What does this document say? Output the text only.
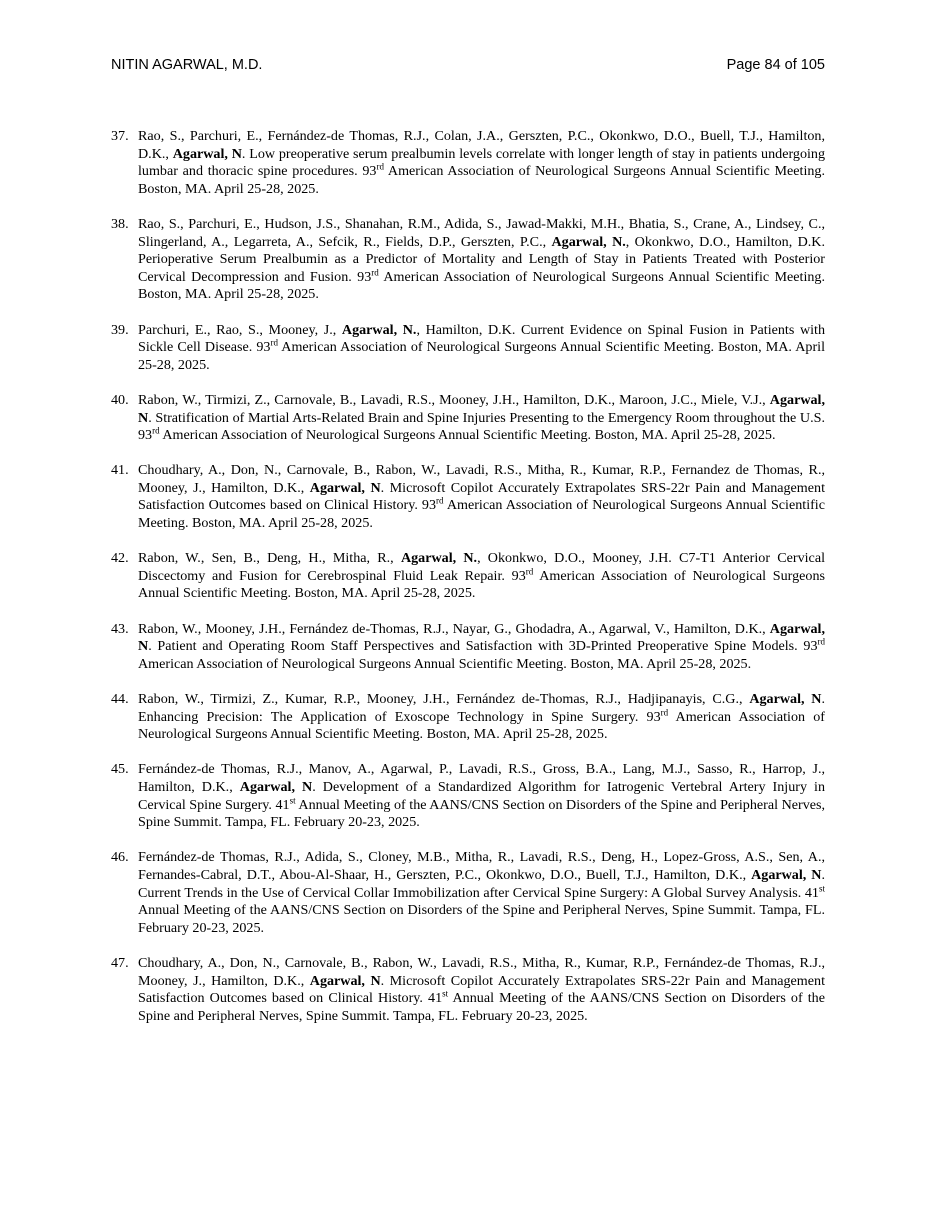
NITIN AGARWAL, M.D.	Page 84 of 105
37. Rao, S., Parchuri, E., Fernández-de Thomas, R.J., Colan, J.A., Gerszten, P.C., Okonkwo, D.O., Buell, T.J., Hamilton, D.K., Agarwal, N. Low preoperative serum prealbumin levels correlate with longer length of stay in patients undergoing lumbar and thoracic spine procedures. 93rd American Association of Neurological Surgeons Annual Scientific Meeting. Boston, MA. April 25-28, 2025.
38. Rao, S., Parchuri, E., Hudson, J.S., Shanahan, R.M., Adida, S., Jawad-Makki, M.H., Bhatia, S., Crane, A., Lindsey, C., Slingerland, A., Legarreta, A., Sefcik, R., Fields, D.P., Gerszten, P.C., Agarwal, N., Okonkwo, D.O., Hamilton, D.K. Perioperative Serum Prealbumin as a Predictor of Mortality and Length of Stay in Patients Treated with Posterior Cervical Decompression and Fusion. 93rd American Association of Neurological Surgeons Annual Scientific Meeting. Boston, MA. April 25-28, 2025.
39. Parchuri, E., Rao, S., Mooney, J., Agarwal, N., Hamilton, D.K. Current Evidence on Spinal Fusion in Patients with Sickle Cell Disease. 93rd American Association of Neurological Surgeons Annual Scientific Meeting. Boston, MA. April 25-28, 2025.
40. Rabon, W., Tirmizi, Z., Carnovale, B., Lavadi, R.S., Mooney, J.H., Hamilton, D.K., Maroon, J.C., Miele, V.J., Agarwal, N. Stratification of Martial Arts-Related Brain and Spine Injuries Presenting to the Emergency Room throughout the U.S. 93rd American Association of Neurological Surgeons Annual Scientific Meeting. Boston, MA. April 25-28, 2025.
41. Choudhary, A., Don, N., Carnovale, B., Rabon, W., Lavadi, R.S., Mitha, R., Kumar, R.P., Fernandez de Thomas, R., Mooney, J., Hamilton, D.K., Agarwal, N. Microsoft Copilot Accurately Extrapolates SRS-22r Pain and Management Satisfaction Outcomes based on Clinical History. 93rd American Association of Neurological Surgeons Annual Scientific Meeting. Boston, MA. April 25-28, 2025.
42. Rabon, W., Sen, B., Deng, H., Mitha, R., Agarwal, N., Okonkwo, D.O., Mooney, J.H. C7-T1 Anterior Cervical Discectomy and Fusion for Cerebrospinal Fluid Leak Repair. 93rd American Association of Neurological Surgeons Annual Scientific Meeting. Boston, MA. April 25-28, 2025.
43. Rabon, W., Mooney, J.H., Fernández de-Thomas, R.J., Nayar, G., Ghodadra, A., Agarwal, V., Hamilton, D.K., Agarwal, N. Patient and Operating Room Staff Perspectives and Satisfaction with 3D-Printed Preoperative Spine Models. 93rd American Association of Neurological Surgeons Annual Scientific Meeting. Boston, MA. April 25-28, 2025.
44. Rabon, W., Tirmizi, Z., Kumar, R.P., Mooney, J.H., Fernández de-Thomas, R.J., Hadjipanayis, C.G., Agarwal, N. Enhancing Precision: The Application of Exoscope Technology in Spine Surgery. 93rd American Association of Neurological Surgeons Annual Scientific Meeting. Boston, MA. April 25-28, 2025.
45. Fernández-de Thomas, R.J., Manov, A., Agarwal, P., Lavadi, R.S., Gross, B.A., Lang, M.J., Sasso, R., Harrop, J., Hamilton, D.K., Agarwal, N. Development of a Standardized Algorithm for Iatrogenic Vertebral Artery Injury in Cervical Spine Surgery. 41st Annual Meeting of the AANS/CNS Section on Disorders of the Spine and Peripheral Nerves, Spine Summit. Tampa, FL. February 20-23, 2025.
46. Fernández-de Thomas, R.J., Adida, S., Cloney, M.B., Mitha, R., Lavadi, R.S., Deng, H., Lopez-Gross, A.S., Sen, A., Fernandes-Cabral, D.T., Abou-Al-Shaar, H., Gerszten, P.C., Okonkwo, D.O., Buell, T.J., Hamilton, D.K., Agarwal, N. Current Trends in the Use of Cervical Collar Immobilization after Cervical Spine Surgery: A Global Survey Analysis. 41st Annual Meeting of the AANS/CNS Section on Disorders of the Spine and Peripheral Nerves, Spine Summit. Tampa, FL. February 20-23, 2025.
47. Choudhary, A., Don, N., Carnovale, B., Rabon, W., Lavadi, R.S., Mitha, R., Kumar, R.P., Fernández-de Thomas, R.J., Mooney, J., Hamilton, D.K., Agarwal, N. Microsoft Copilot Accurately Extrapolates SRS-22r Pain and Management Satisfaction Outcomes based on Clinical History. 41st Annual Meeting of the AANS/CNS Section on Disorders of the Spine and Peripheral Nerves, Spine Summit. Tampa, FL. February 20-23, 2025.
